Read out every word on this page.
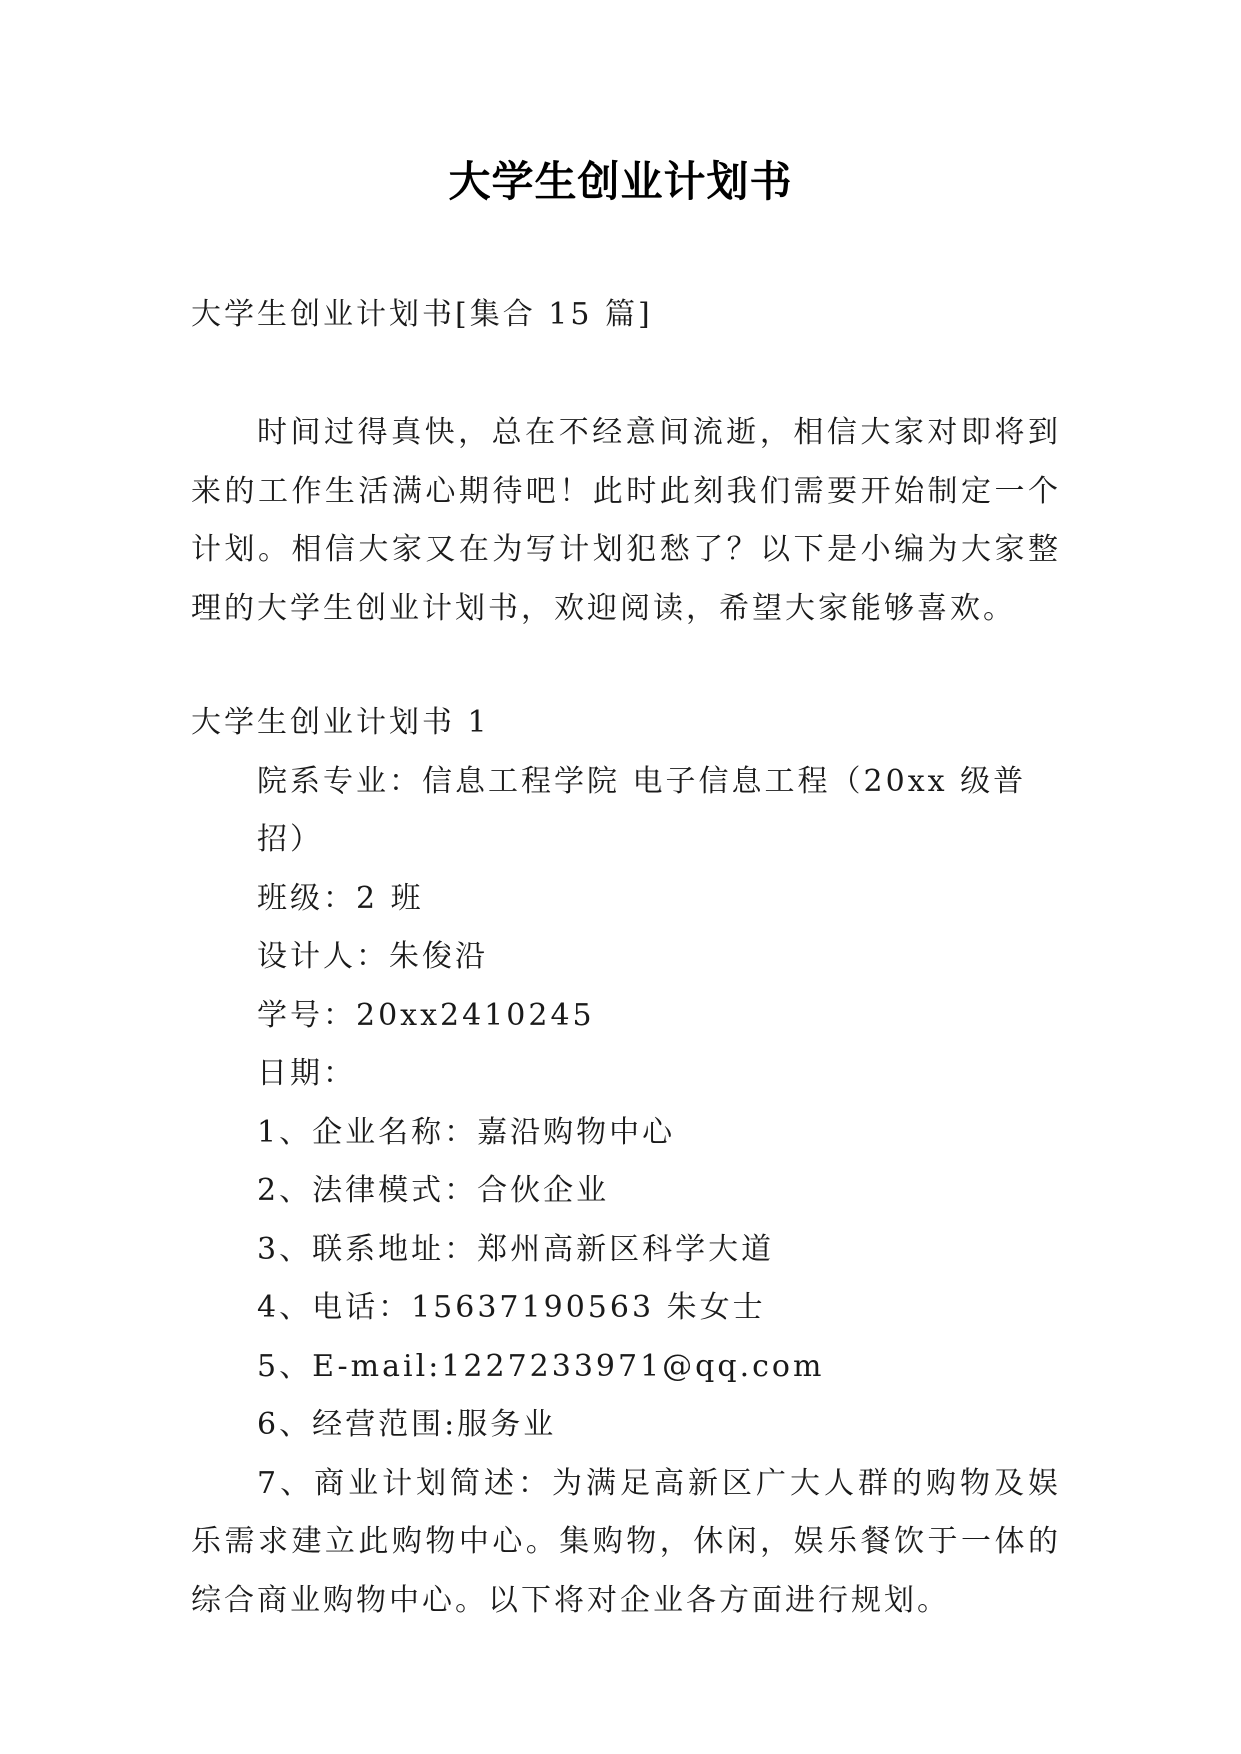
大学生创业计划书
大学生创业计划书[集合 15 篇]

时间过得真快，总在不经意间流逝，相信大家对即将到来的工作生活满心期待吧！此时此刻我们需要开始制定一个计划。相信大家又在为写计划犯愁了？以下是小编为大家整理的大学生创业计划书，欢迎阅读，希望大家能够喜欢。

大学生创业计划书 1

院系专业：信息工程学院 电子信息工程（20xx 级普招）

班级：2 班

设计人：朱俊沿

学号：20xx2410245

日期：

1、企业名称：嘉沿购物中心

2、法律模式：合伙企业

3、联系地址：郑州高新区科学大道

4、电话：15637190563 朱女士

5、E-mail:1227233971@qq.com

6、经营范围:服务业

7、商业计划简述：为满足高新区广大人群的购物及娱乐需求建立此购物中心。集购物，休闲，娱乐餐饮于一体的综合商业购物中心。以下将对企业各方面进行规划。
